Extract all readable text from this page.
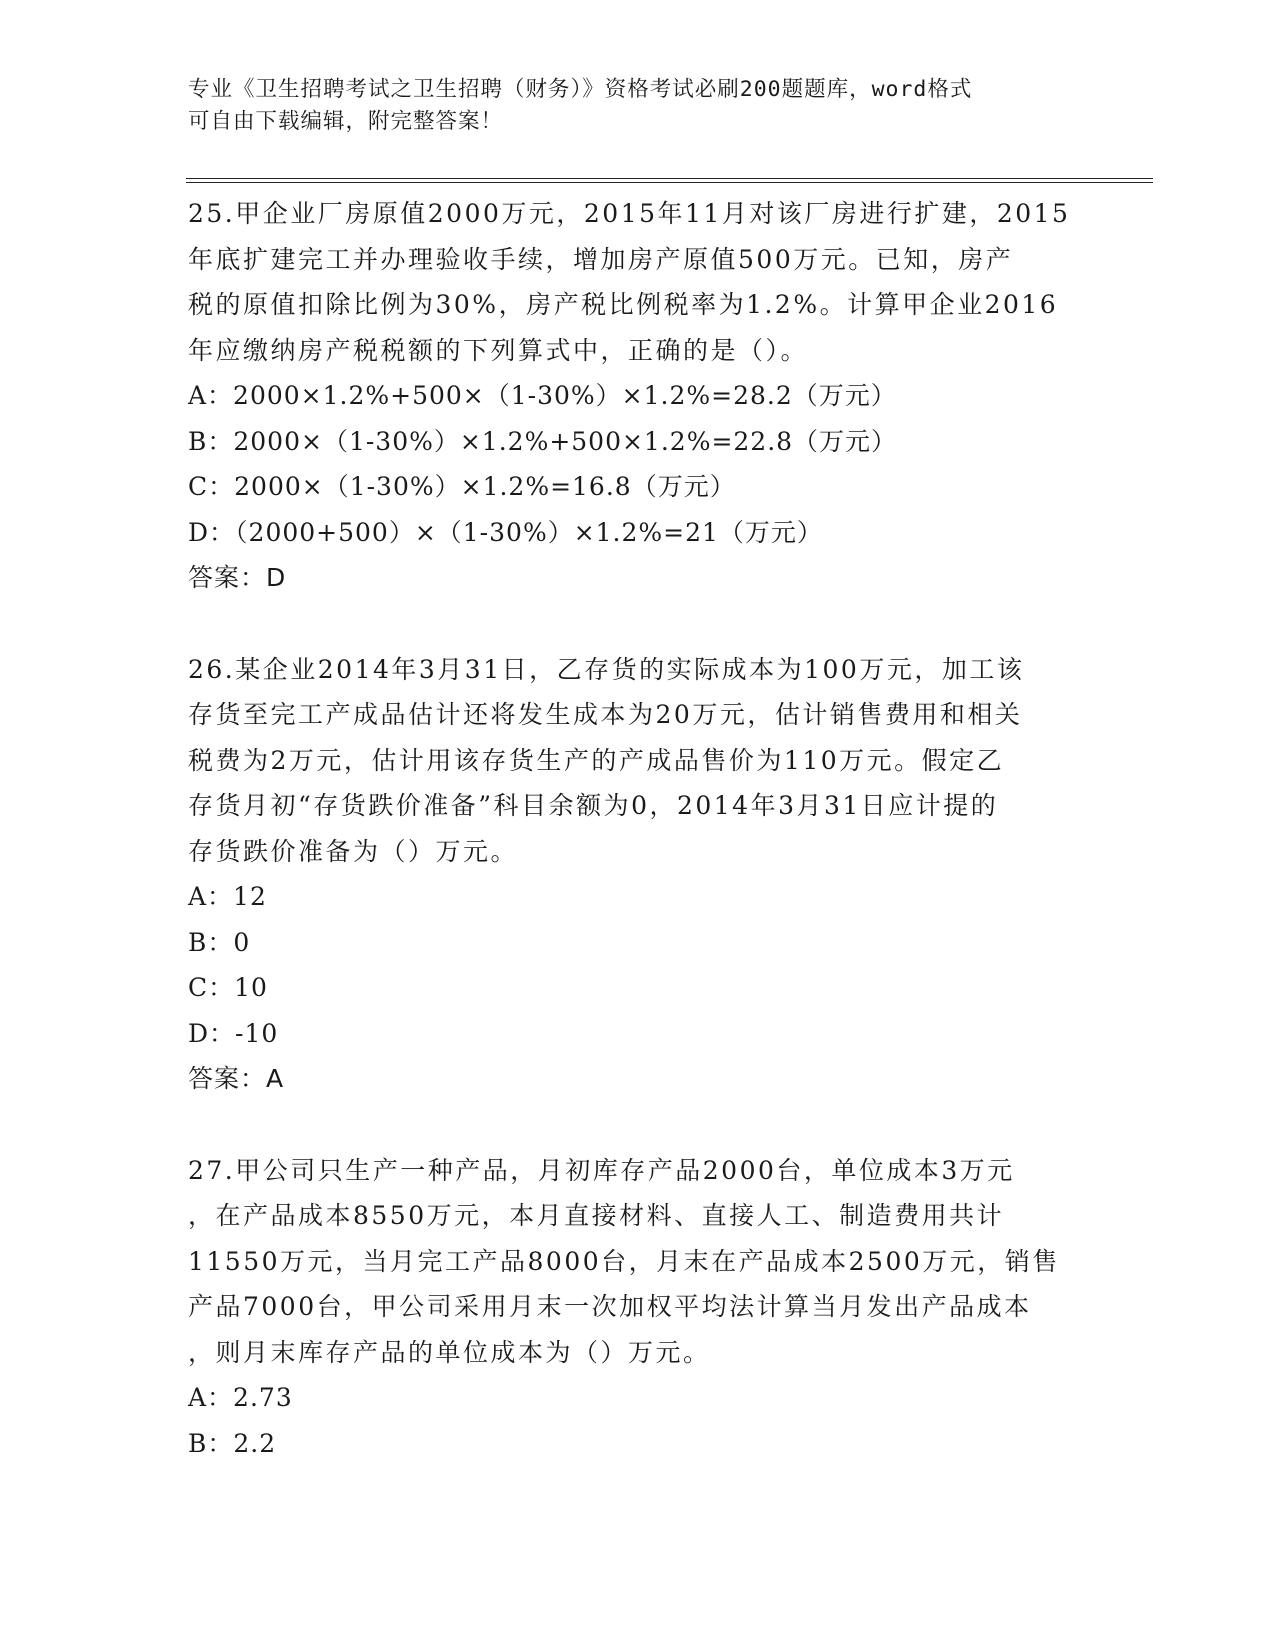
专业《卫生招聘考试之卫生招聘（财务）》资格考试必刷200题题库，word格式
可自由下载编辑，附完整答案！

25.甲企业厂房原值2000万元，2015年11月对该厂房进行扩建，2015

年底扩建完工并办理验收手续，增加房产原值500万元。已知，房产

税的原值扣除比例为30%，房产税比例税率为1.2%。计算甲企业2016

年应缴纳房产税税额的下列算式中，正确的是（）。

A：2000×1.2%+500×（1-30%）×1.2%=28.2（万元）

B：2000×（1-30%）×1.2%+500×1.2%=22.8（万元）

C：2000×（1-30%）×1.2%=16.8（万元）

D：（2000+500）×（1-30%）×1.2%=21（万元）

答案：D

26.某企业2014年3月31日，乙存货的实际成本为100万元，加工该

存货至完工产成品估计还将发生成本为20万元，估计销售费用和相关

税费为2万元，估计用该存货生产的产成品售价为110万元。假定乙

存货月初“存货跌价准备”科目余额为0，2014年3月31日应计提的

存货跌价准备为（）万元。

A：12

B：0

C：10

D：-10

答案：A

27.甲公司只生产一种产品，月初库存产品2000台，单位成本3万元

，在产品成本8550万元，本月直接材料、直接人工、制造费用共计

11550万元，当月完工产品8000台，月末在产品成本2500万元，销售

产品7000台，甲公司采用月末一次加权平均法计算当月发出产品成本

，则月末库存产品的单位成本为（）万元。

A：2.73

B：2.2
